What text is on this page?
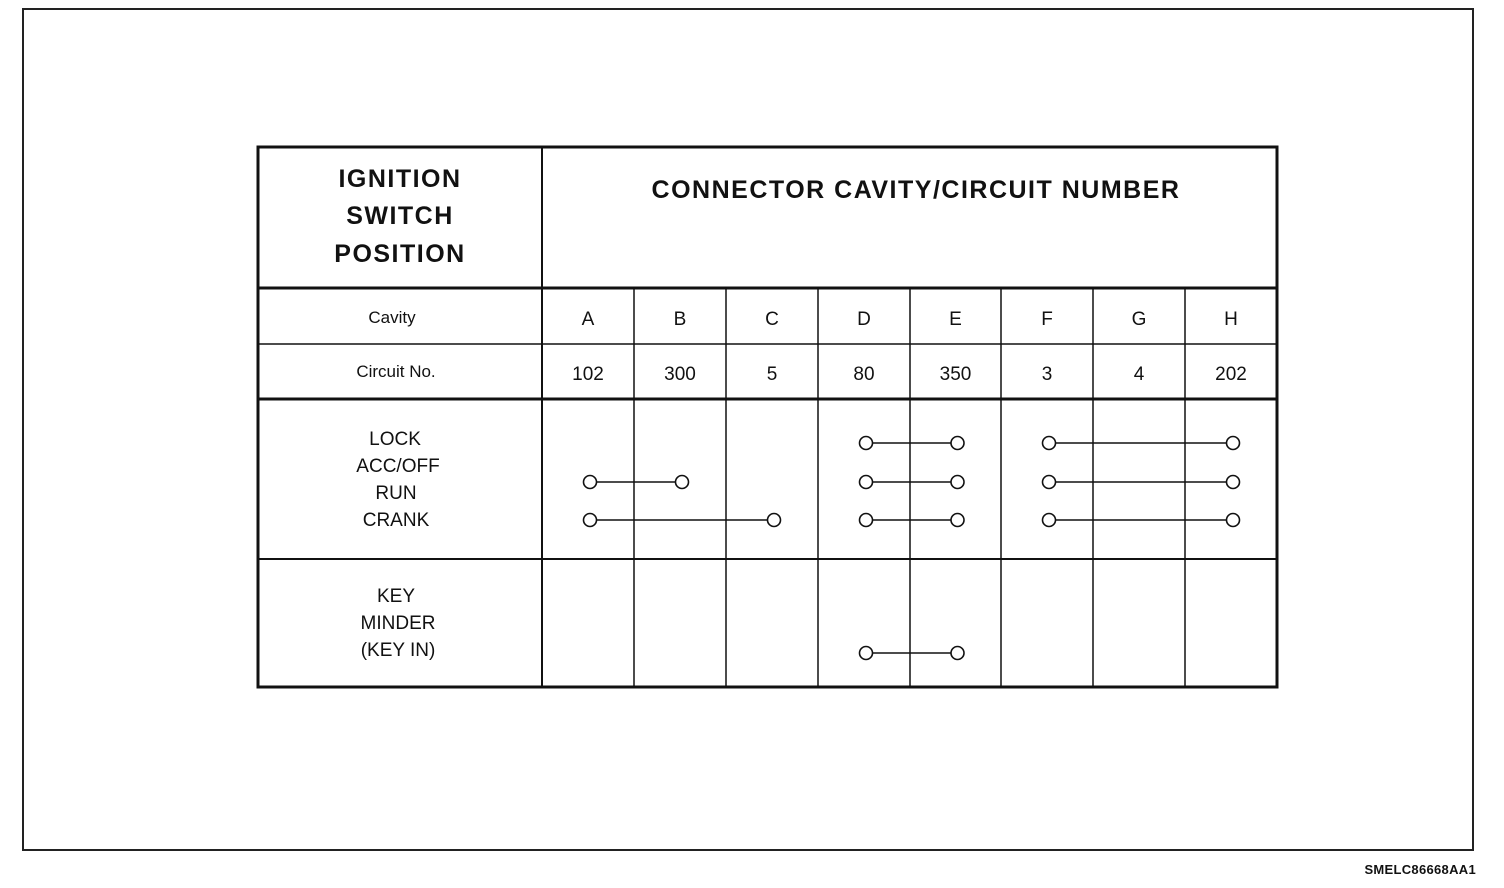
IGNITION
SWITCH
POSITION
CONNECTOR CAVITY/CIRCUIT NUMBER
Cavity
Circuit No.
A
102
B
300
C
5
D
80
E
350
F
3
G
4
H
202
LOCK
ACC/OFF
RUN
CRANK
KEY
MINDER
(KEY IN)
SMELC86668AA1
